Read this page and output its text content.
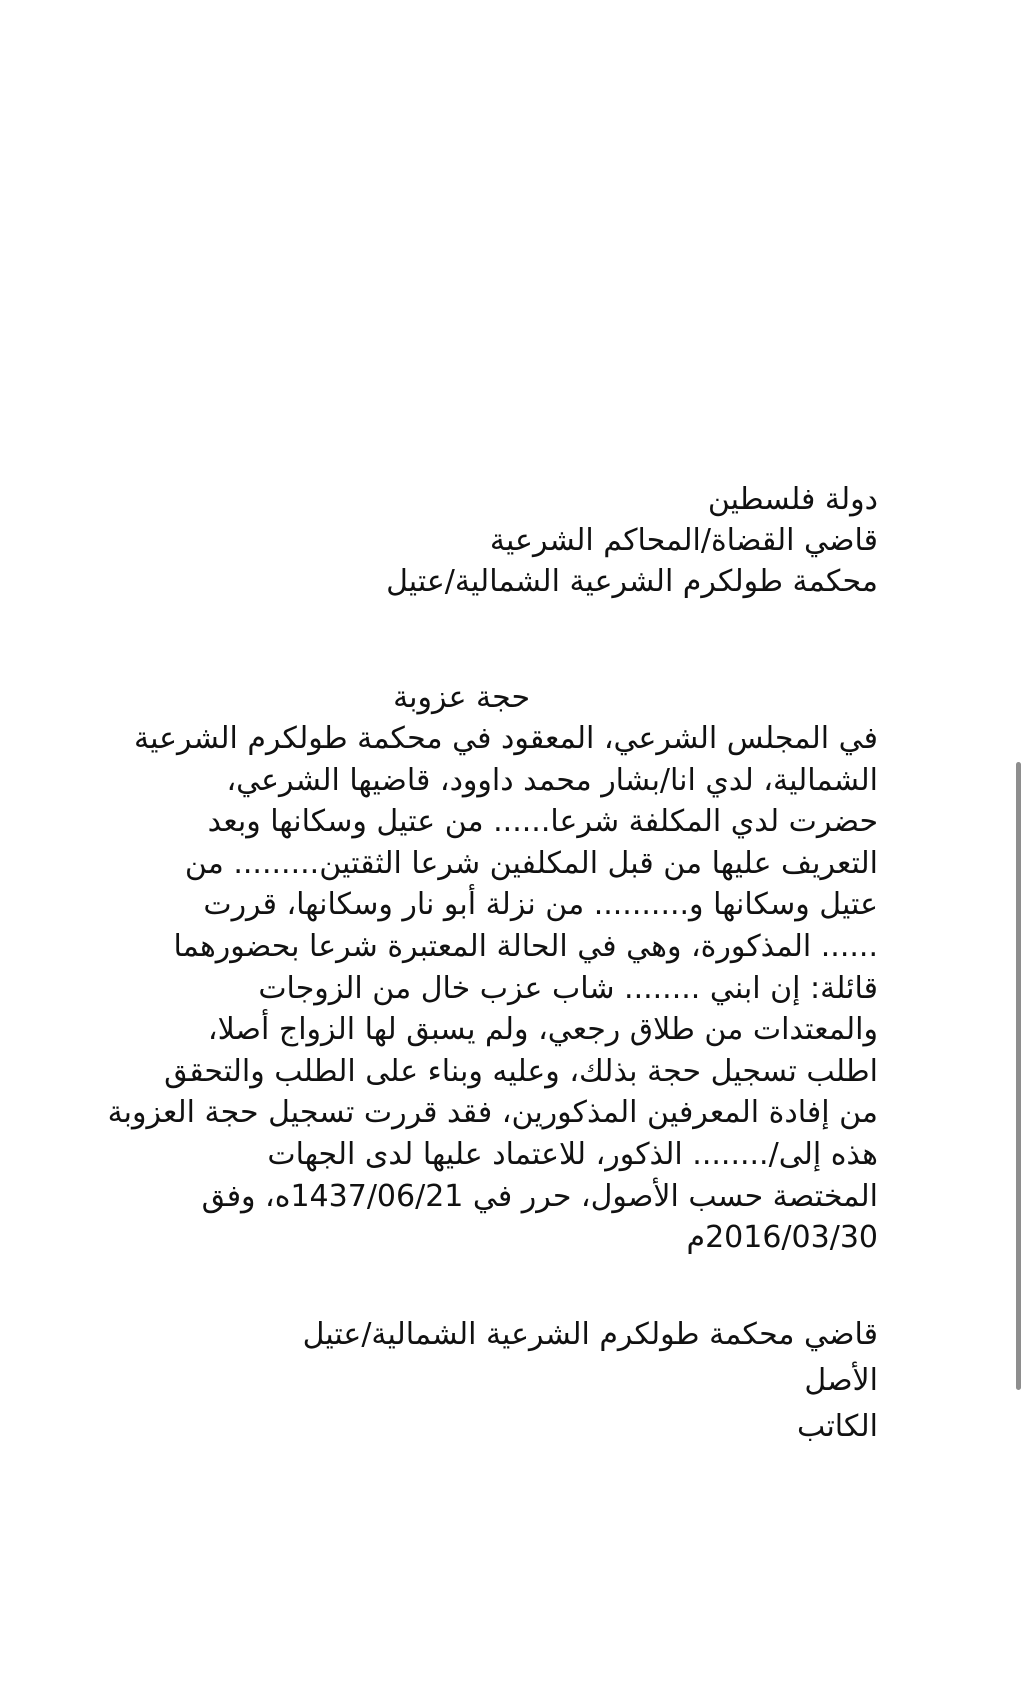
دولة فلسطين
قاضي القضاة/المحاكم الشرعية
محكمة طولكرم الشرعية الشمالية/عتيل
حجة عزوبة
في المجلس الشرعي، المعقود في محكمة طولكرم الشرعية
الشمالية، لدي انا/بشار محمد داوود، قاضيها الشرعي،
حضرت لدي المكلفة شرعا...... من عتيل وسكانها وبعد
التعريف عليها من قبل المكلفين شرعا الثقتين......... من
عتيل وسكانها و.......... من نزلة أبو نار وسكانها، قررت
...... المذكورة، وهي في الحالة المعتبرة شرعا بحضورهما
قائلة: إن ابني ........ شاب عزب خال من الزوجات
والمعتدات من طلاق رجعي، ولم يسبق لها الزواج أصلا،
اطلب تسجيل حجة بذلك، وعليه وبناء على الطلب والتحقق
من إفادة المعرفين المذكورين، فقد قررت تسجيل حجة العزوبة
هذه إلى/........ الذكور، للاعتماد عليها لدى الجهات
المختصة حسب الأصول، حرر في 1437/06/21ه، وفق
2016/03/30م
قاضي محكمة طولكرم الشرعية الشمالية/عتيل
الأصل
الكاتب
